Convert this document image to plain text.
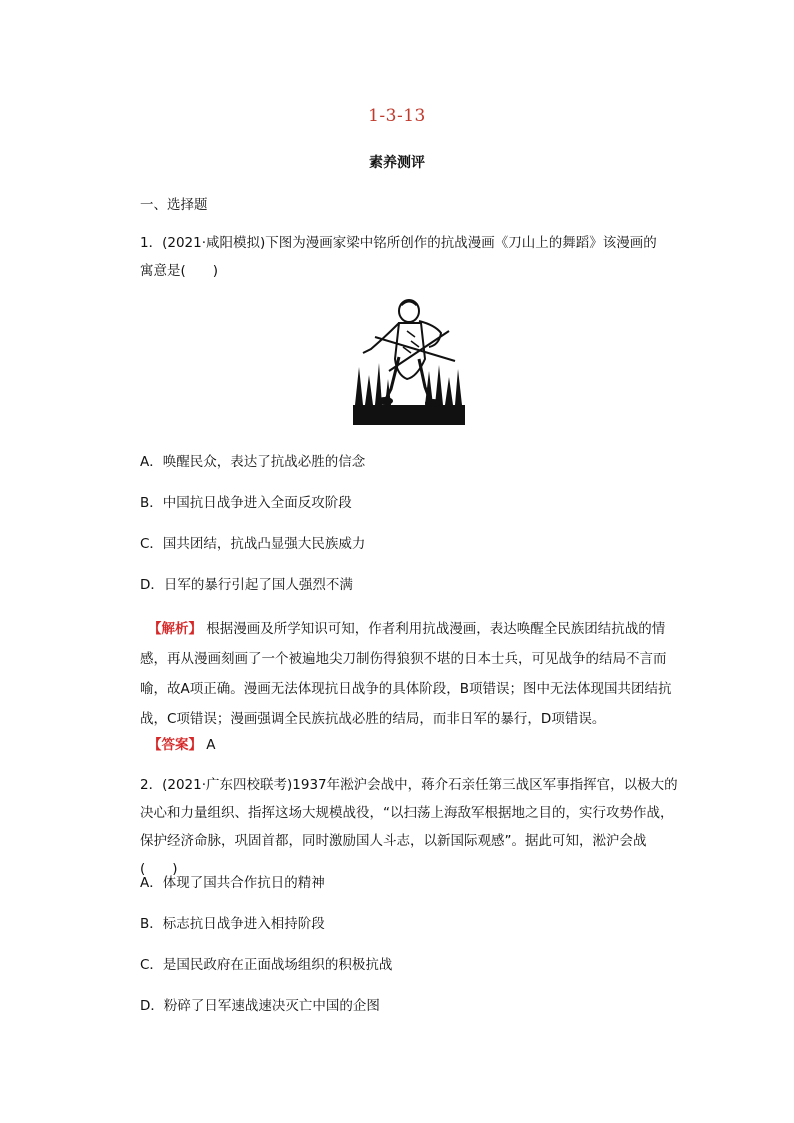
1-3-13
素养测评
一、选择题
1．(2021·咸阳模拟)下图为漫画家梁中铭所创作的抗战漫画《刀山上的舞蹈》该漫画的寓意是(　　)
A．唤醒民众，表达了抗战必胜的信念
B．中国抗日战争进入全面反攻阶段
C．国共团结，抗战凸显强大民族威力
D．日军的暴行引起了国人强烈不满
【解析】 根据漫画及所学知识可知，作者利用抗战漫画，表达唤醒全民族团结抗战的情感，再从漫画刻画了一个被遍地尖刀制伤得狼狈不堪的日本士兵，可见战争的结局不言而喻，故A项正确。漫画无法体现抗日战争的具体阶段，B项错误；图中无法体现国共团结抗战，C项错误；漫画强调全民族抗战必胜的结局，而非日军的暴行，D项错误。
【答案】 A
2．(2021·广东四校联考)1937年淞沪会战中，蒋介石亲任第三战区军事指挥官，以极大的决心和力量组织、指挥这场大规模战役，“以扫荡上海敌军根据地之目的，实行攻势作战，保护经济命脉，巩固首都，同时激励国人斗志，以新国际观感”。据此可知，淞沪会战(　　)
A．体现了国共合作抗日的精神
B．标志抗日战争进入相持阶段
C．是国民政府在正面战场组织的积极抗战
D．粉碎了日军速战速决灭亡中国的企图
